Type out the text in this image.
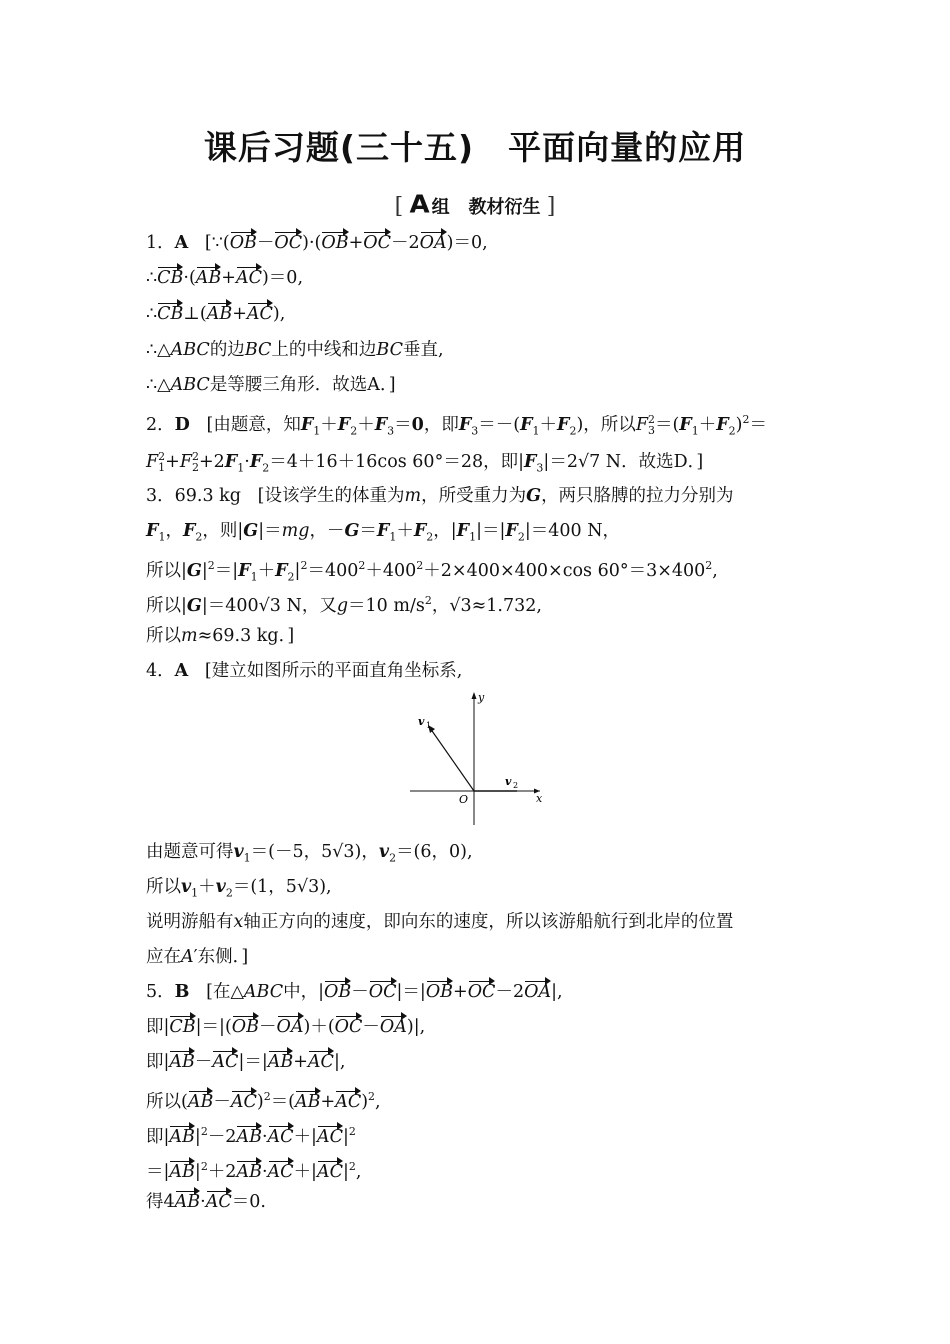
课后习题(三十五)　平面向量的应用
[ A 组 教材衍生 ]
1．A   [∵(OB－OC)·(OB+OC－2OA)＝0,
∴CB·(AB+AC)＝0,
∴CB⊥(AB+AC),
∴△ABC的边BC上的中线和边BC垂直,
∴△ABC是等腰三角形．故选A．]
2．D   [由题意，知$F_1+F_2+F_3=0$，即$F_3=-(F_1+F_2)$，所以$F^2_3=(F_1+F_2)^2=$
$F^2_1+F^2_2+2F_1\cdot F_2=4+16+16\cos$ 60°＝28，即$|F_3|=2√7$ N．故选D．]
3．69.3 kg   [设该学生的体重为m，所受重力为G，两只胳膊的拉力分别为
$F_1$，$F_2$，则|G|＝mg，$-G=F_1+F_2$，$|F_1|=|F_2|=400$ N，
所以$|G|^2=|F_1+F_2|^2=400^2+400^2+2\times 400\times 400\times\cos$ $60^\circ=3\times 400^2$,
所以|G|＝400√3 N，又g＝10 $m/s^2$，√3≈1.732,
所以m≈69.3 kg．]
4．A [建立如图所示的平面直角坐标系,
y
x
O
v 1
v 2
由题意可得$v_1=(-5$，5√3)，$v_2=(6$，0),
所以$v_1+v_2=(1$，5√3),
说明游船有x轴正方向的速度，即向东的速度，所以该游船航行到北岸的位置
应在A′东侧．]
5．B   [在△ABC中，|OB－OC|＝|OB+OC－2OA|,
即|CB|＝|(OB－OA)＋(OC－OA)|,
即|AB－AC|＝|AB+AC|,
所以$(AB-AC)^2=(AB+AC)^2$,
即$|AB|^2-2AB\cdot AC+|AC|^2$
$=|AB|^2+2AB\cdot AC+|AC|^2$,
得4AB·AC＝0.
